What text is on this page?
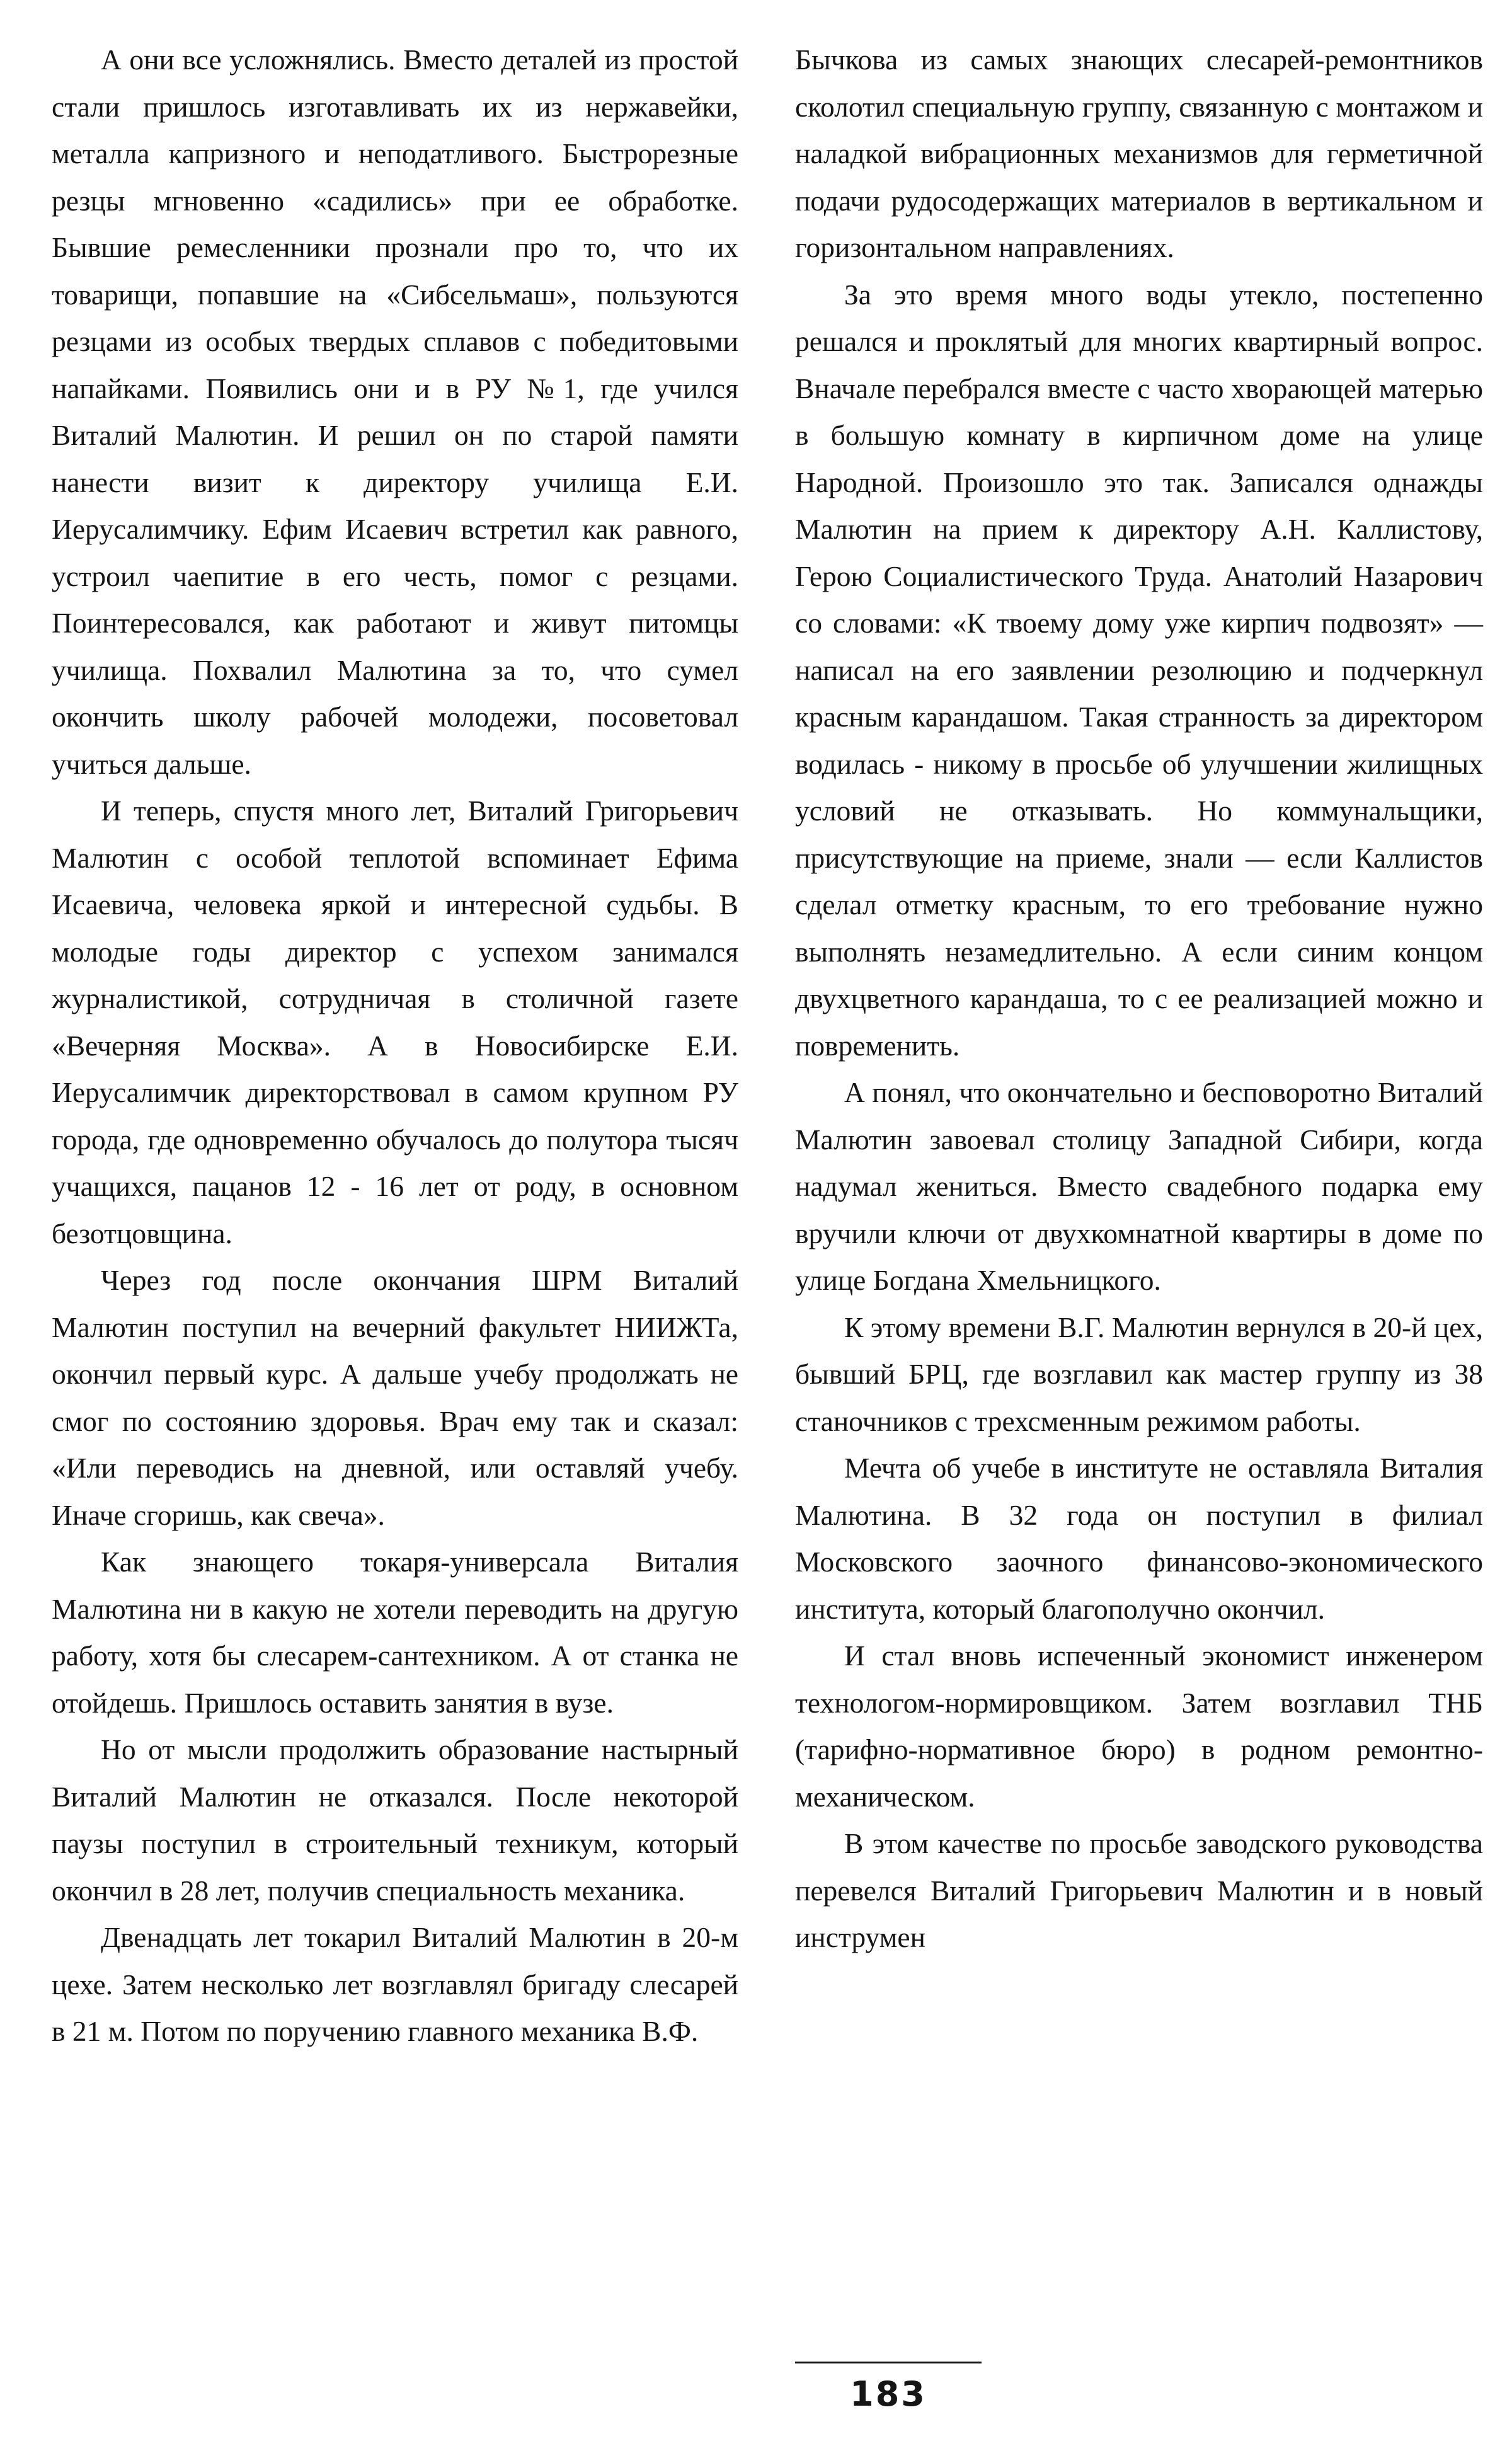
А они все усложнялись. Вместо деталей из простой стали пришлось изготавливать их из нержавейки, металла капризного и неподатливого. Быстрорезные резцы мгновенно «садились» при ее обработке. Бывшие ремесленники прознали про то, что их товарищи, попавшие на «Сибсельмаш», пользуются резцами из особых твердых сплавов с победитовыми напайками. Появились они и в РУ №1, где учился Виталий Малютин. И решил он по старой памяти нанести визит к директору училища Е.И. Иерусалимчику. Ефим Исаевич встретил как равного, устроил чаепитие в его честь, помог с резцами. Поинтересовался, как работают и живут питомцы училища. Похвалил Малютина за то, что сумел окончить школу рабочей молодежи, посоветовал учиться дальше.

И теперь, спустя много лет, Виталий Григорьевич Малютин с особой теплотой вспоминает Ефима Исаевича, человека яркой и интересной судьбы. В молодые годы директор с успехом занимался журналистикой, сотрудничая в столичной газете «Вечерняя Москва». А в Новосибирске Е.И. Иерусалимчик директорствовал в самом крупном РУ города, где одновременно обучалось до полутора тысяч учащихся, пацанов 12 - 16 лет от роду, в основном безотцовщина.

Через год после окончания ШРМ Виталий Малютин поступил на вечерний факультет НИИЖТа, окончил первый курс. А дальше учебу продолжать не смог по состоянию здоровья. Врач ему так и сказал: «Или переводись на дневной, или оставляй учебу. Иначе сгоришь, как свеча».

Как знающего токаря-универсала Виталия Малютина ни в какую не хотели переводить на другую работу, хотя бы слесарем-сантехником. А от станка не отойдешь. Пришлось оставить занятия в вузе.

Но от мысли продолжить образование настырный Виталий Малютин не отказался. После некоторой паузы поступил в строительный техникум, который окончил в 28 лет, получив специальность механика.

Двенадцать лет токарил Виталий Малютин в 20-м цехе. Затем несколько лет возглавлял бригаду слесарей в 21 м. Потом по поручению главного механика В.Ф.

Бычкова из самых знающих слесарей-ремонтников сколотил специальную группу, связанную с монтажом и наладкой вибрационных механизмов для герметичной подачи рудосодержащих материалов в вертикальном и горизонтальном направлениях.

За это время много воды утекло, постепенно решался и проклятый для многих квартирный вопрос. Вначале перебрался вместе с часто хворающей матерью в большую комнату в кирпичном доме на улице Народной. Произошло это так. Записался однажды Малютин на прием к директору А.Н. Каллистову, Герою Социалистического Труда. Анатолий Назарович со словами: «К твоему дому уже кирпич подвозят» — написал на его заявлении резолюцию и подчеркнул красным карандашом. Такая странность за директором водилась - никому в просьбе об улучшении жилищных условий не отказывать. Но коммунальщики, присутствующие на приеме, знали — если Каллистов сделал отметку красным, то его требование нужно выполнять незамедлительно. А если синим концом двухцветного карандаша, то с ее реализацией можно и повременить.

А понял, что окончательно и бесповоротно Виталий Малютин завоевал столицу Западной Сибири, когда надумал жениться. Вместо свадебного подарка ему вручили ключи от двухкомнатной квартиры в доме по улице Богдана Хмельницкого.

К этому времени В.Г. Малютин вернулся в 20-й цех, бывший БРЦ, где возглавил как мастер группу из 38 станочников с трехсменным режимом работы.

Мечта об учебе в институте не оставляла Виталия Малютина. В 32 года он поступил в филиал Московского заочного финансово-экономического института, который благополучно окончил.

И стал вновь испеченный экономист инженером технологом-нормировщиком. Затем возглавил ТНБ (тарифно-нормативное бюро) в родном ремонтно-механическом.

В этом качестве по просьбе заводского руководства перевелся Виталий Григорьевич Малютин и в новый инструмен

183
